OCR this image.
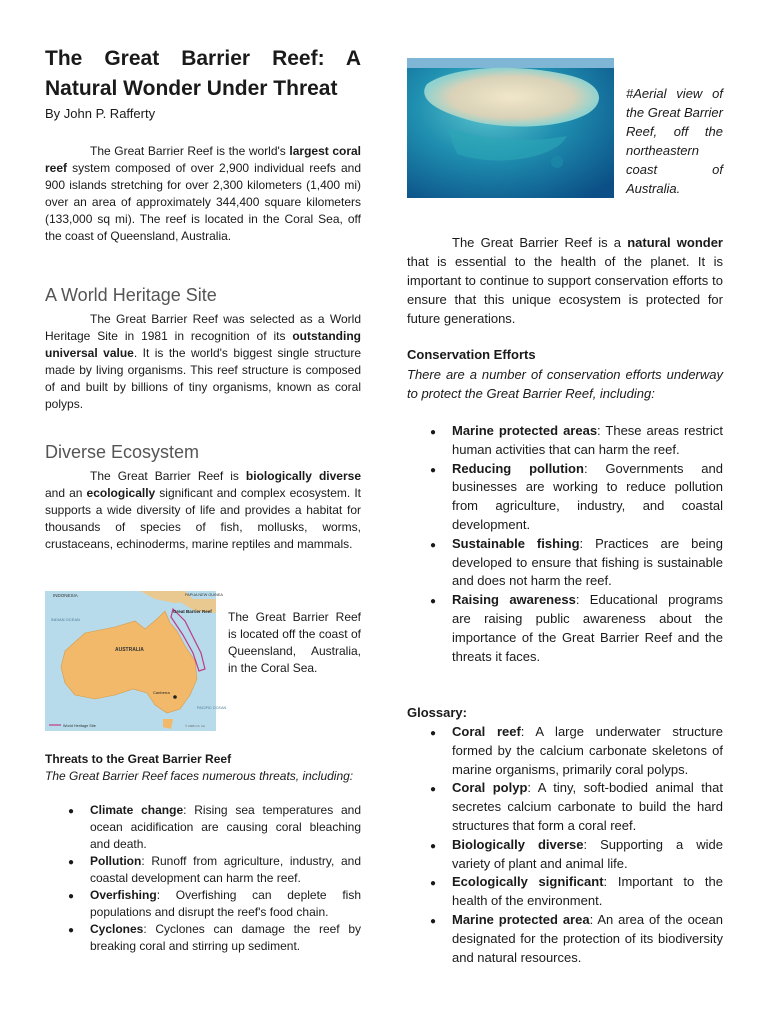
The Great Barrier Reef: A Natural Wonder Under Threat
By John P. Rafferty

The Great Barrier Reef is the world's largest coral reef system composed of over 2,900 individual reefs and 900 islands stretching for over 2,300 kilometers (1,400 mi) over an area of approximately 344,400 square kilometers (133,000 sq mi). The reef is located in the Coral Sea, off the coast of Queensland, Australia.

A World Heritage Site

The Great Barrier Reef was selected as a World Heritage Site in 1981 in recognition of its outstanding universal value. It is the world's biggest single structure made by living organisms. This reef structure is composed of and built by billions of tiny organisms, known as coral polyps.

Diverse Ecosystem

The Great Barrier Reef is biologically diverse and an ecologically significant and complex ecosystem. It supports a wide diversity of life and provides a habitat for thousands of species of fish, mollusks, worms, crustaceans, echinoderms, marine reptiles and mammals.

INDONESIA	PAPUA NEW GUINEA
INDIAN OCEAN
AUSTRALIA
Great Barrier Reef
Canberra
PACIFIC OCEAN
World Heritage Site	© 2005 Ch. Inc.
The Great Barrier Reef is located off the coast of Queensland, Australia, in the Coral Sea.
Threats to the Great Barrier Reef

The Great Barrier Reef faces numerous threats, including:

● Climate change: Rising sea temperatures and ocean acidification are causing coral bleaching and death.
● Pollution: Runoff from agriculture, industry, and coastal development can harm the reef.
● Overfishing: Overfishing can deplete fish populations and disrupt the reef's food chain.
● Cyclones: Cyclones can damage the reef by breaking coral and stirring up sediment.
#Aerial view of the Great Barrier Reef, off the northeastern coast of Australia.

The Great Barrier Reef is a natural wonder that is essential to the health of the planet. It is important to continue to support conservation efforts to ensure that this unique ecosystem is protected for future generations.

Conservation Efforts

There are a number of conservation efforts underway to protect the Great Barrier Reef, including:

● Marine protected areas: These areas restrict human activities that can harm the reef.
● Reducing pollution: Governments and businesses are working to reduce pollution from agriculture, industry, and coastal development.
● Sustainable fishing: Practices are being developed to ensure that fishing is sustainable and does not harm the reef.
● Raising awareness: Educational programs are raising public awareness about the importance of the Great Barrier Reef and the threats it faces.
Glossary:
● Coral reef: A large underwater structure formed by the calcium carbonate skeletons of marine organisms, primarily coral polyps.
● Coral polyp: A tiny, soft-bodied animal that secretes calcium carbonate to build the hard structures that form a coral reef.
● Biologically diverse: Supporting a wide variety of plant and animal life.
● Ecologically significant: Important to the health of the environment.
● Marine protected area: An area of the ocean designated for the protection of its biodiversity and natural resources.
